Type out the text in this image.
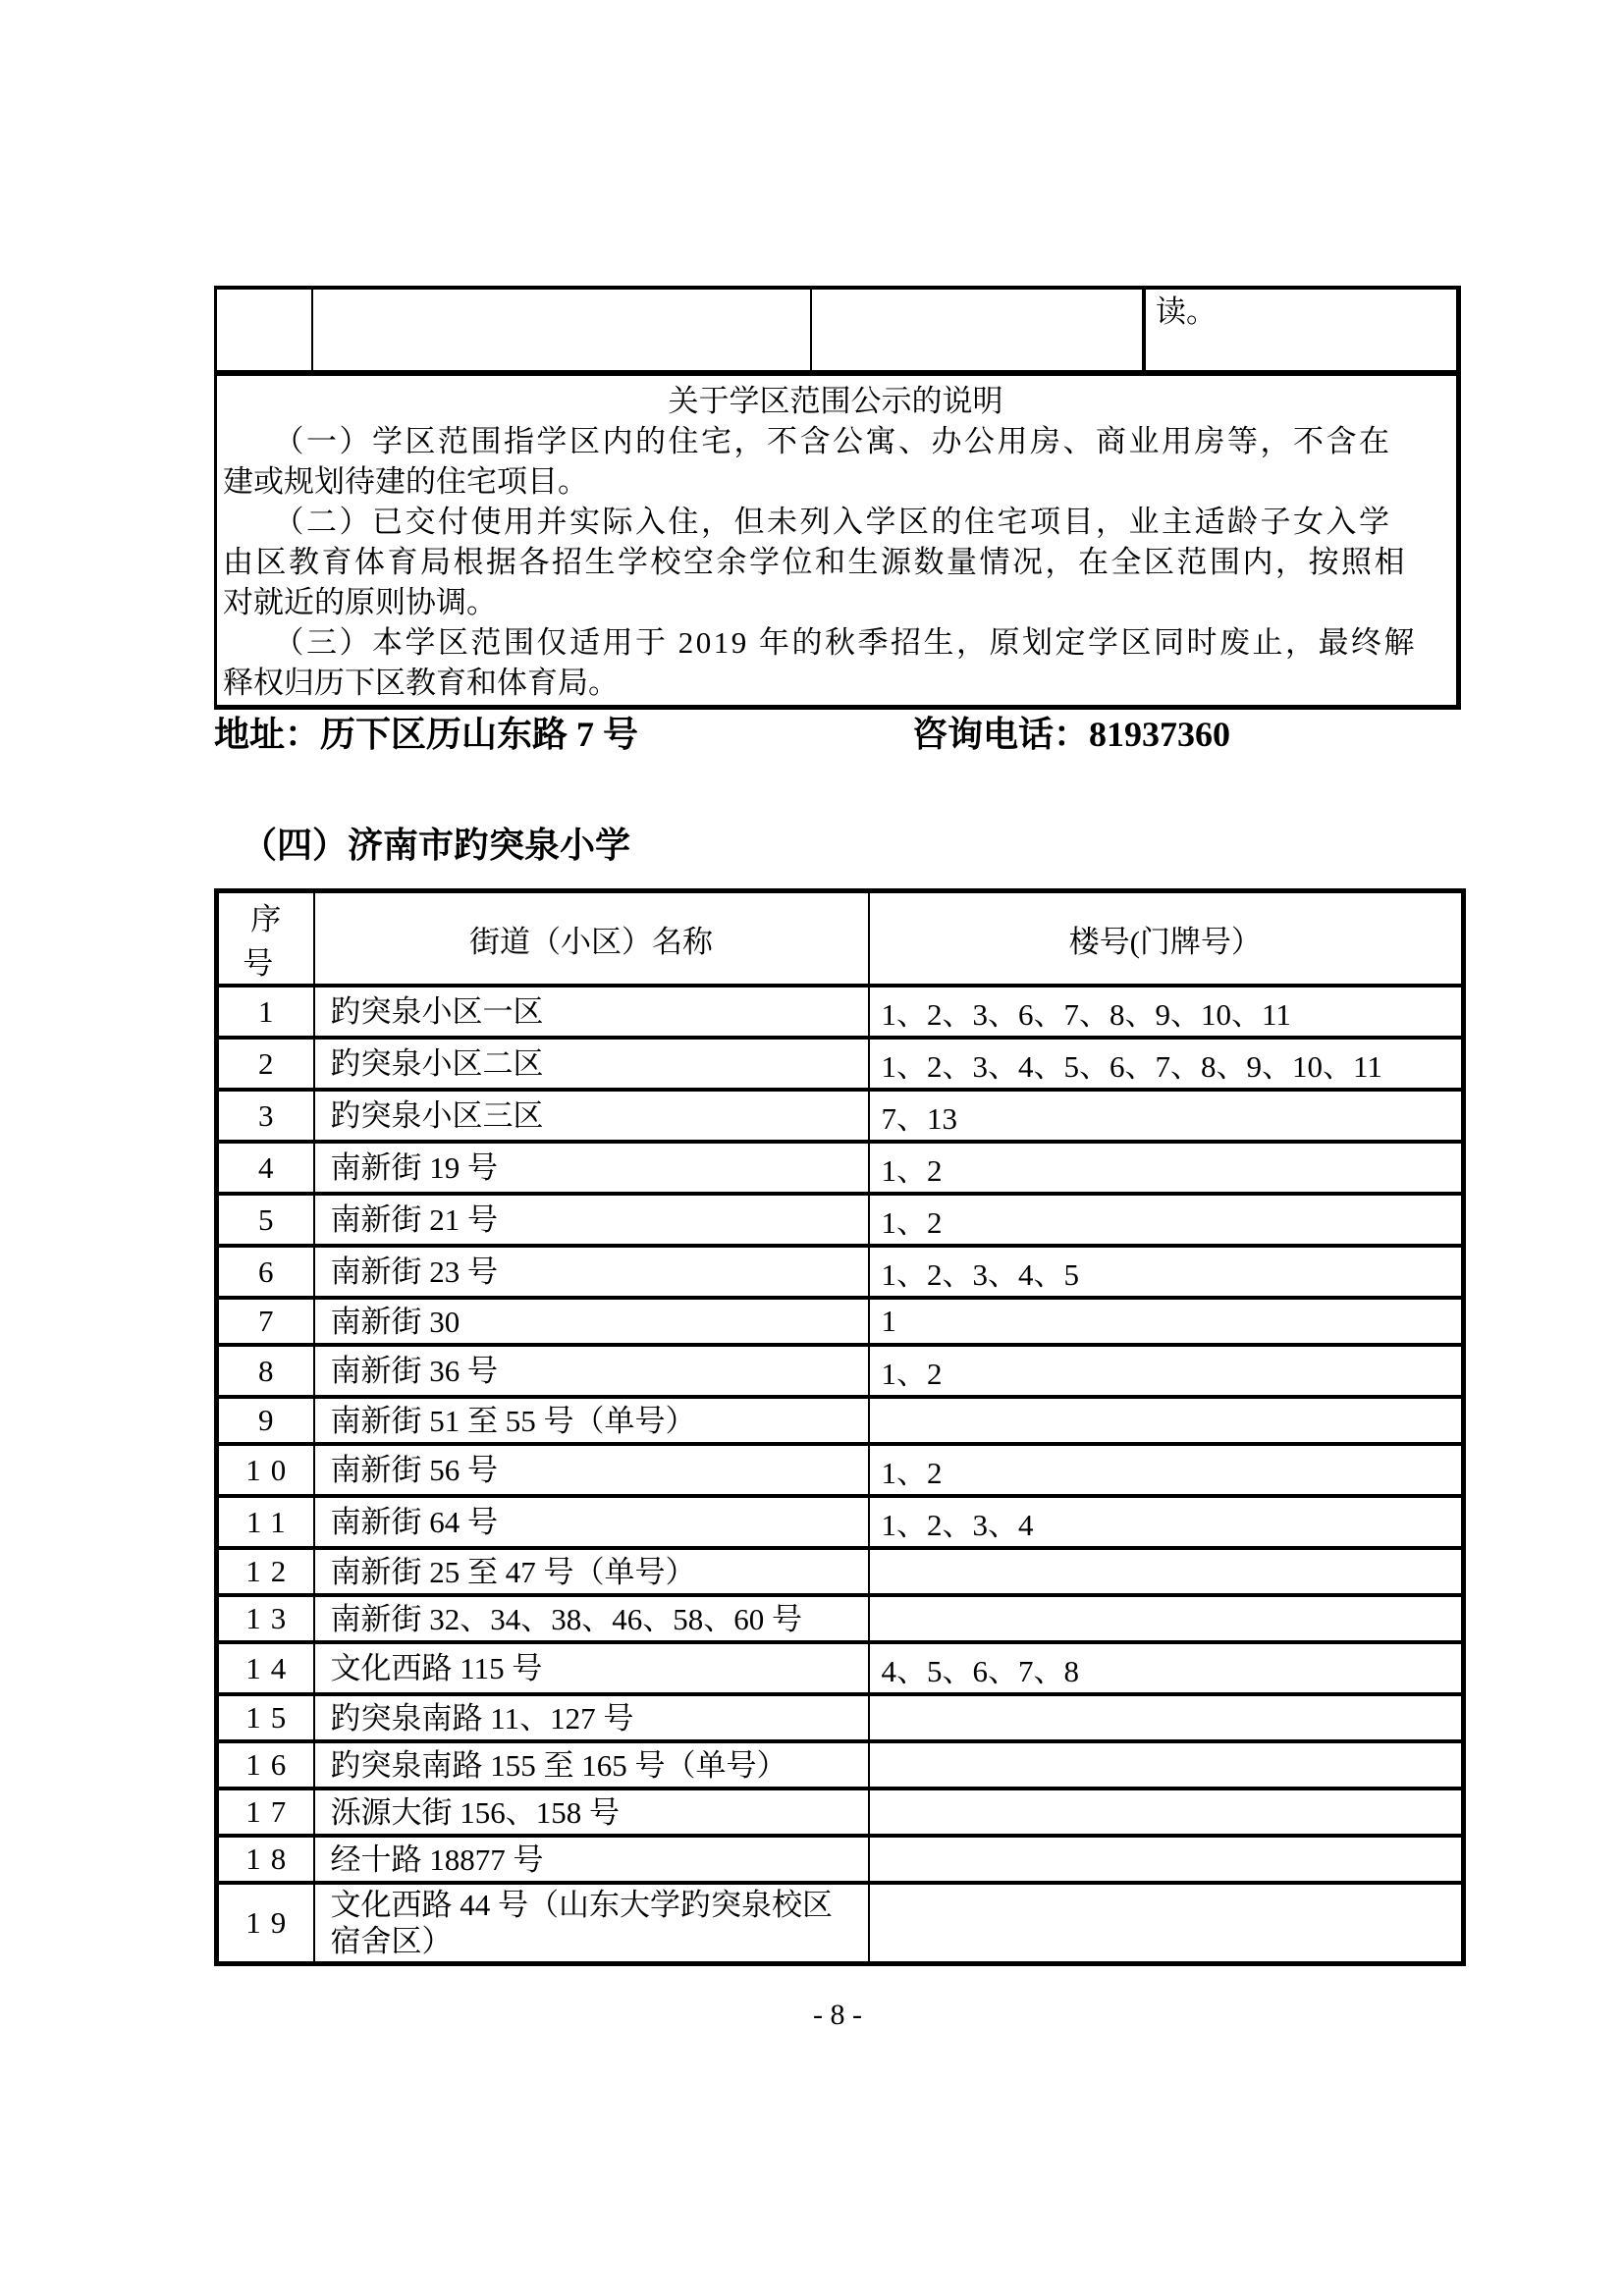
读。
关于学区范围公示的说明
　　（一）学区范围指学区内的住宅，不含公寓、办公用房、商业用房等，不含在
建或规划待建的住宅项目。
　　（二）已交付使用并实际入住，但未列入学区的住宅项目，业主适龄子女入学
由区教育体育局根据各招生学校空余学位和生源数量情况，在全区范围内，按照相
对就近的原则协调。
　　（三）本学区范围仅适用于 2019 年的秋季招生，原划定学区同时废止，最终解
释权归历下区教育和体育局。
地址：历下区历山东路 7 号	咨询电话：81937360
（四）济南市趵突泉小学
序号	街道（小区）名称	楼号(门牌号）
1	趵突泉小区一区	1、2、3、6、7、8、9、10、11
2	趵突泉小区二区	1、2、3、4、5、6、7、8、9、10、11
3	趵突泉小区三区	7、13
4	南新街 19 号	1、2
5	南新街 21 号	1、2
6	南新街 23 号	1、2、3、4、5
7	南新街 30	1
8	南新街 36 号	1、2
9	南新街 51 至 55 号（单号）	
10	南新街 56 号	1、2
11	南新街 64 号	1、2、3、4
12	南新街 25 至 47 号（单号）	
13	南新街 32、34、38、46、58、60 号	
14	文化西路 115 号	4、5、6、7、8
15	趵突泉南路 11、127 号	
16	趵突泉南路 155 至 165 号（单号）	
17	泺源大街 156、158 号	
18	经十路 18877 号	
19	文化西路 44 号（山东大学趵突泉校区宿舍区）	
- 8 -
